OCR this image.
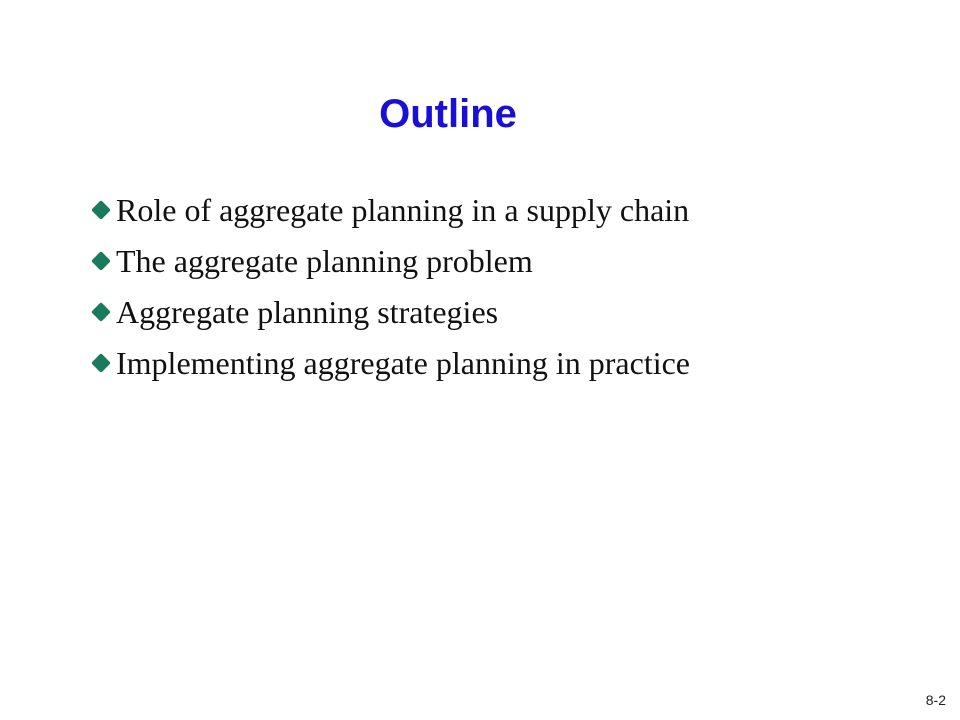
Outline
Role of aggregate planning in a supply chain
The aggregate planning problem
Aggregate planning strategies
Implementing aggregate planning in practice
8-2
